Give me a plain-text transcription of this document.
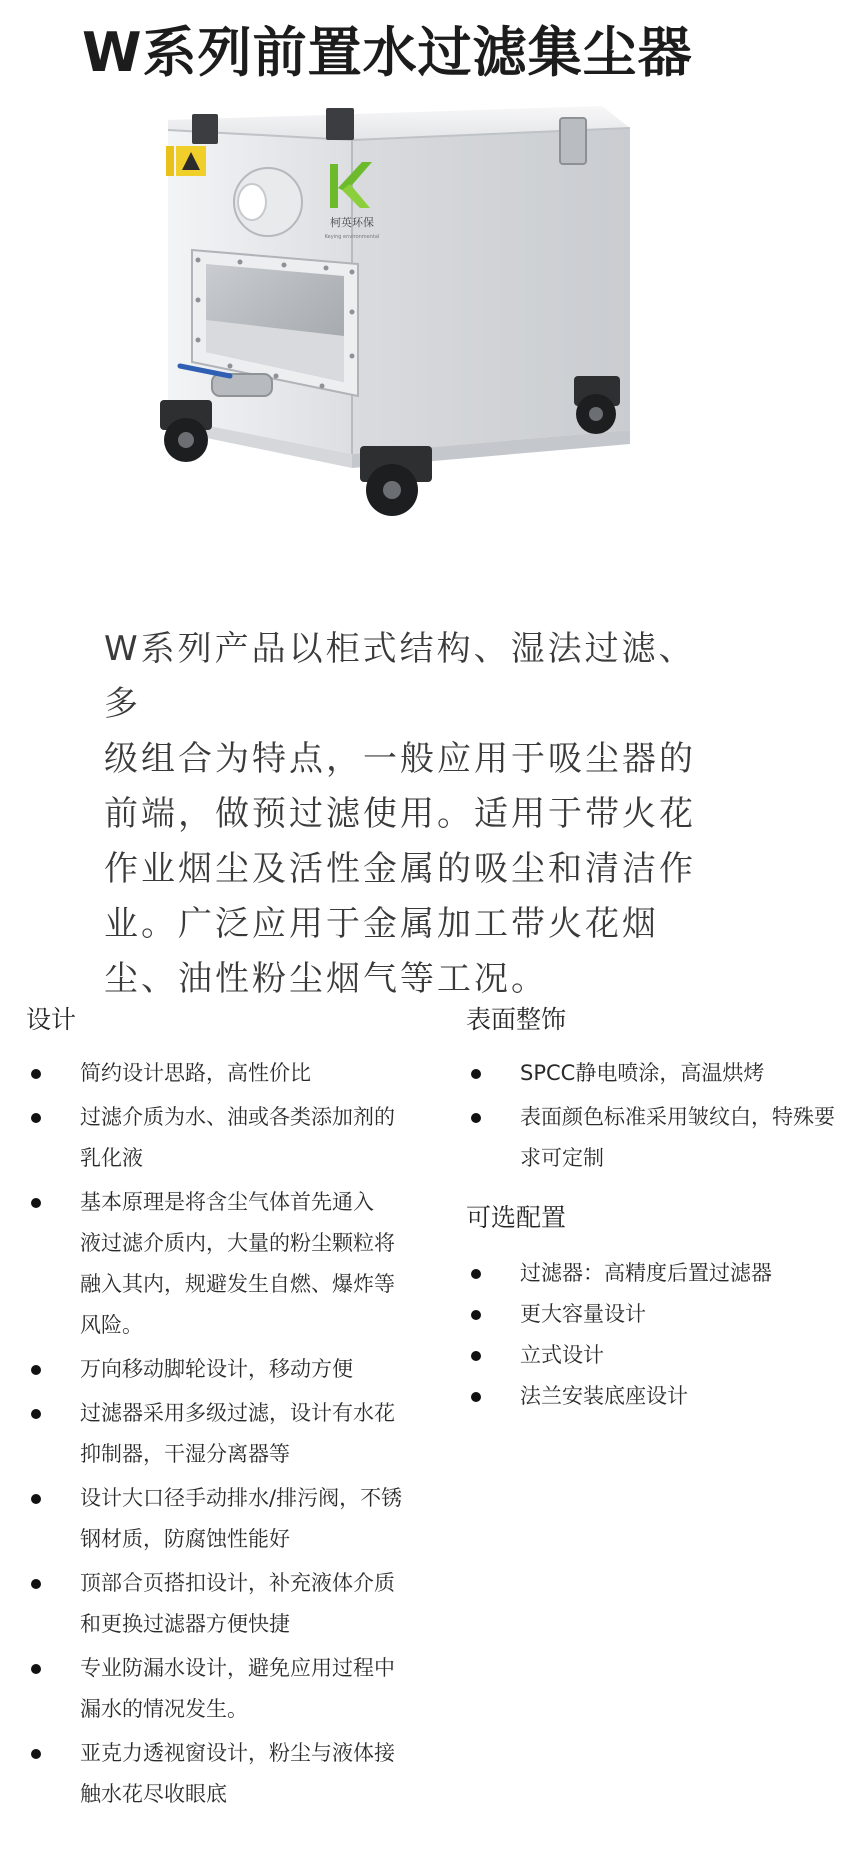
W系列前置水过滤集尘器
柯英环保
Keying environmental

W系列产品以柜式结构、湿法过滤、多
级组合为特点，一般应用于吸尘器的
前端，做预过滤使用。适用于带火花
作业烟尘及活性金属的吸尘和清洁作
业。广泛应用于金属加工带火花烟
尘、油性粉尘烟气等工况。

设计
简约设计思路，高性价比
过滤介质为水、油或各类添加剂的
乳化液
基本原理是将含尘气体首先通入
液过滤介质内，大量的粉尘颗粒将
融入其内，规避发生自燃、爆炸等
风险。
万向移动脚轮设计，移动方便
过滤器采用多级过滤，设计有水花
抑制器，干湿分离器等
设计大口径手动排水/排污阀，不锈
钢材质，防腐蚀性能好
顶部合页搭扣设计，补充液体介质
和更换过滤器方便快捷
专业防漏水设计，避免应用过程中
漏水的情况发生。
亚克力透视窗设计，粉尘与液体接
触水花尽收眼底
表面整饰
SPCC静电喷涂，高温烘烤
表面颜色标准采用皱纹白，特殊要
求可定制
可选配置
过滤器：高精度后置过滤器
更大容量设计
立式设计
法兰安装底座设计
